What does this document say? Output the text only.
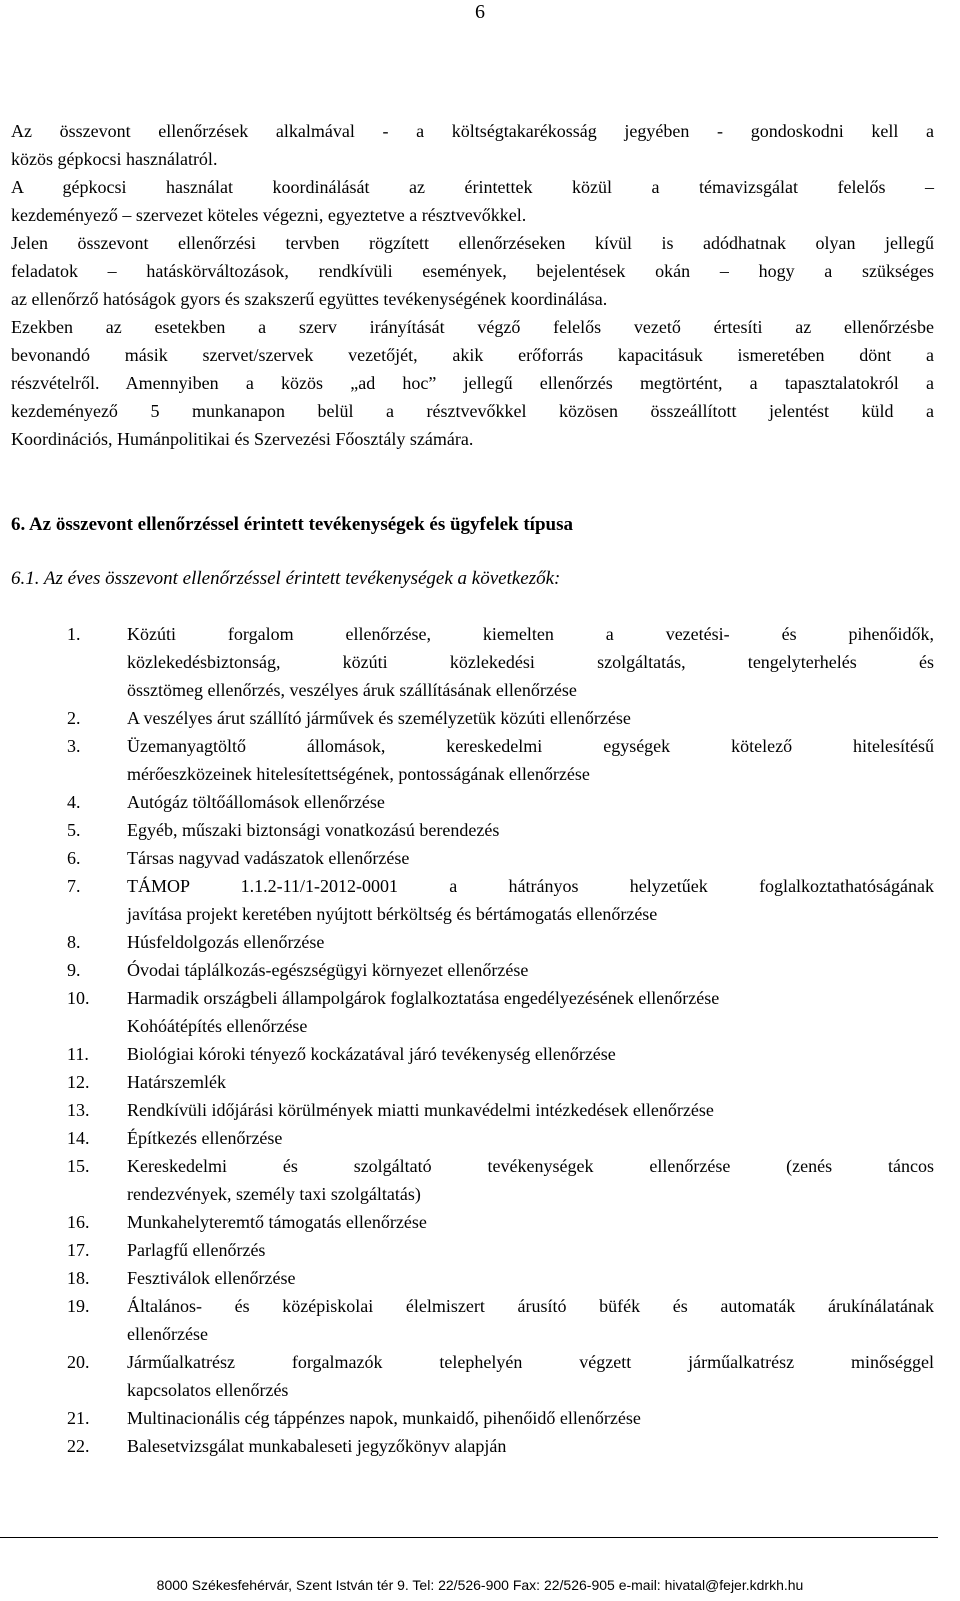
6
Az összevont ellenőrzések alkalmával - a költségtakarékosság jegyében - gondoskodni kell a
közös gépkocsi használatról.
A gépkocsi használat koordinálását az érintettek közül a témavizsgálat felelős –
kezdeményező – szervezet köteles végezni, egyeztetve a résztvevőkkel.
Jelen összevont ellenőrzési tervben rögzített ellenőrzéseken kívül is adódhatnak olyan jellegű
feladatok – hatáskörváltozások, rendkívüli események, bejelentések okán – hogy a szükséges
az ellenőrző hatóságok gyors és szakszerű együttes tevékenységének koordinálása.
Ezekben az esetekben a szerv irányítását végző felelős vezető értesíti az ellenőrzésbe
bevonandó másik szervet/szervek vezetőjét, akik erőforrás kapacitásuk ismeretében dönt a
részvételről. Amennyiben a közös „ad hoc” jellegű ellenőrzés megtörtént, a tapasztalatokról a
kezdeményező 5 munkanapon belül a résztvevőkkel közösen összeállított jelentést küld a
Koordinációs, Humánpolitikai és Szervezési Főosztály számára.
6. Az összevont ellenőrzéssel érintett tevékenységek és ügyfelek típusa
6.1. Az éves összevont ellenőrzéssel érintett tevékenységek a következők:
1.	Közúti forgalom ellenőrzése, kiemelten a vezetési- és pihenőidők,
közlekedésbiztonság, közúti közlekedési szolgáltatás, tengelyterhelés és
össztömeg ellenőrzés, veszélyes áruk szállításának ellenőrzése
2.	A veszélyes árut szállító járművek és személyzetük közúti ellenőrzése
3.	Üzemanyagtöltő állomások, kereskedelmi egységek kötelező hitelesítésű
mérőeszközeinek hitelesítettségének, pontosságának ellenőrzése
4.	Autógáz töltőállomások ellenőrzése
5.	Egyéb, műszaki biztonsági vonatkozású berendezés
6.	Társas nagyvad vadászatok ellenőrzése
7.	TÁMOP 1.1.2-11/1-2012-0001 a hátrányos helyzetűek foglalkoztathatóságának
javítása projekt keretében nyújtott bérköltség és bértámogatás ellenőrzése
8.	Húsfeldolgozás ellenőrzése
9.	Óvodai táplálkozás-egészségügyi környezet ellenőrzése
10. Harmadik országbeli állampolgárok foglalkoztatása engedélyezésének ellenőrzése
Kohóátépítés ellenőrzése
11. Biológiai kóroki tényező kockázatával járó tevékenység ellenőrzése
12. Határszemlék
13. Rendkívüli időjárási körülmények miatti munkavédelmi intézkedések ellenőrzése
14. Építkezés ellenőrzése
15. Kereskedelmi és szolgáltató tevékenységek ellenőrzése (zenés táncos
rendezvények, személy taxi szolgáltatás)
16. Munkahelyteremtő támogatás ellenőrzése
17. Parlagfű ellenőrzés
18. Fesztiválok ellenőrzése
19. Általános- és középiskolai élelmiszert árusító büfék és automaták árukínálatának
ellenőrzése
20. Járműalkatrész forgalmazók telephelyén végzett járműalkatrész minőséggel
kapcsolatos ellenőrzés
21. Multinacionális cég táppénzes napok, munkaidő, pihenőidő ellenőrzése
22. Balesetvizsgálat munkabaleseti jegyzőkönyv alapján
8000 Székesfehérvár, Szent István tér 9. Tel: 22/526-900 Fax: 22/526-905 e-mail: hivatal@fejer.kdrkh.hu
